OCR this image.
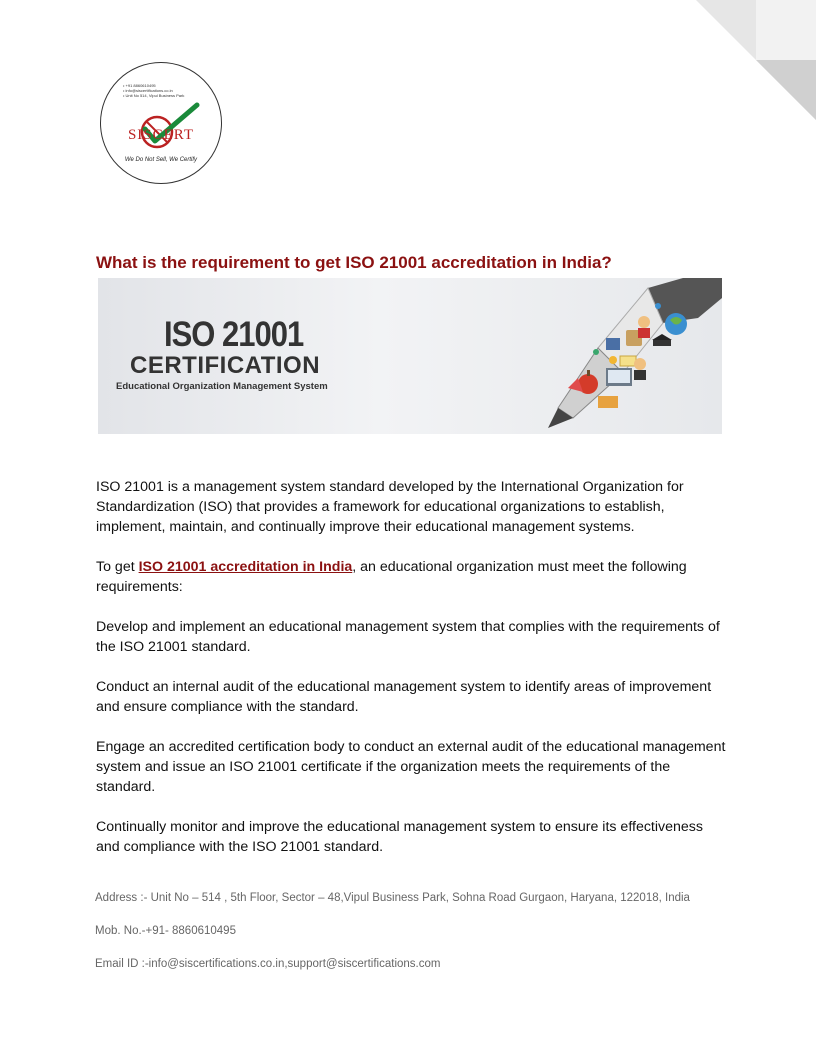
• +91 8860610495
• info@siscertifications.co.in
• Unit No 514, Vipul Business Park
SISCERT
We Do Not Sell, We Certify
What is the requirement to get ISO 21001 accreditation in India?
ISO 21001
CERTIFICATION
Educational Organization Management System

ISO 21001 is a management system standard developed by the International Organization for Standardization (ISO) that provides a framework for educational organizations to establish, implement, maintain, and continually improve their educational management systems.

To get ISO 21001 accreditation in India, an educational organization must meet the following requirements:

Develop and implement an educational management system that complies with the requirements of the ISO 21001 standard.

Conduct an internal audit of the educational management system to identify areas of improvement and ensure compliance with the standard.

Engage an accredited certification body to conduct an external audit of the educational management system and issue an ISO 21001 certificate if the organization meets the requirements of the standard.

Continually monitor and improve the educational management system to ensure its effectiveness and compliance with the ISO 21001 standard.

Address :- Unit No – 514 , 5th Floor, Sector – 48,Vipul Business Park, Sohna Road Gurgaon, Haryana, 122018, India
Mob. No.-+91- 8860610495
Email ID :-info@siscertifications.co.in,support@siscertifications.com
